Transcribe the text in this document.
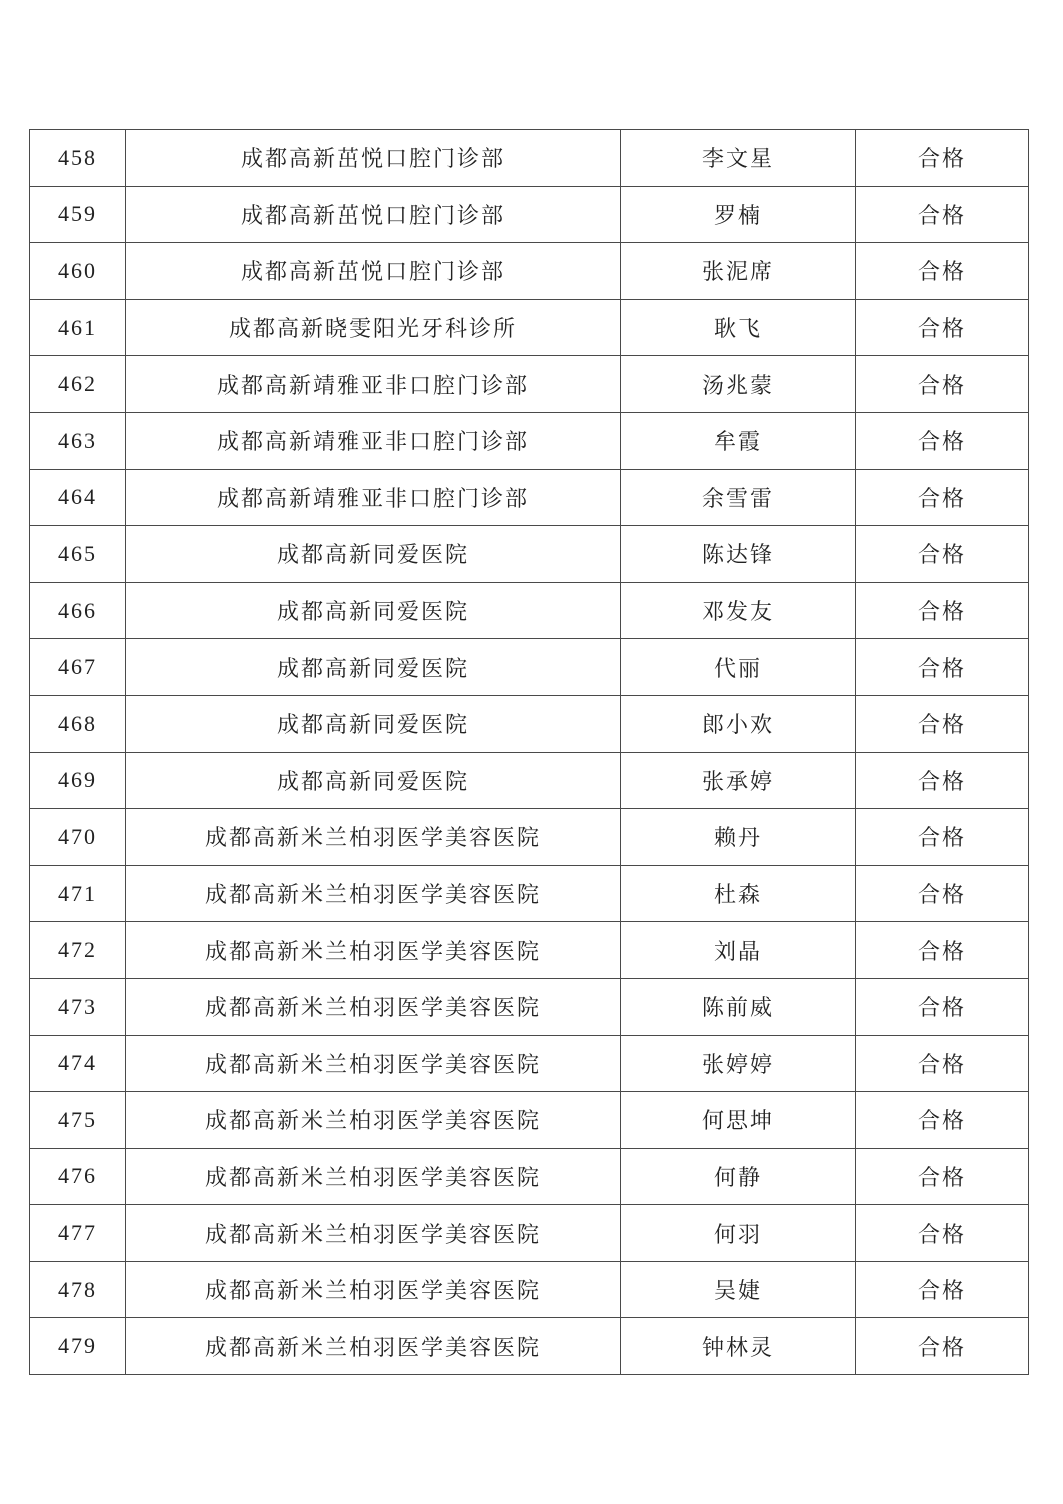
458	成都高新茁悦口腔门诊部	李文星	合格
459	成都高新茁悦口腔门诊部	罗楠	合格
460	成都高新茁悦口腔门诊部	张泥席	合格
461	成都高新晓雯阳光牙科诊所	耿飞	合格
462	成都高新靖雅亚非口腔门诊部	汤兆蒙	合格
463	成都高新靖雅亚非口腔门诊部	牟霞	合格
464	成都高新靖雅亚非口腔门诊部	余雪雷	合格
465	成都高新同爱医院	陈达锋	合格
466	成都高新同爱医院	邓发友	合格
467	成都高新同爱医院	代丽	合格
468	成都高新同爱医院	郎小欢	合格
469	成都高新同爱医院	张承婷	合格
470	成都高新米兰柏羽医学美容医院	赖丹	合格
471	成都高新米兰柏羽医学美容医院	杜森	合格
472	成都高新米兰柏羽医学美容医院	刘晶	合格
473	成都高新米兰柏羽医学美容医院	陈前威	合格
474	成都高新米兰柏羽医学美容医院	张婷婷	合格
475	成都高新米兰柏羽医学美容医院	何思坤	合格
476	成都高新米兰柏羽医学美容医院	何静	合格
477	成都高新米兰柏羽医学美容医院	何羽	合格
478	成都高新米兰柏羽医学美容医院	吴婕	合格
479	成都高新米兰柏羽医学美容医院	钟林灵	合格
